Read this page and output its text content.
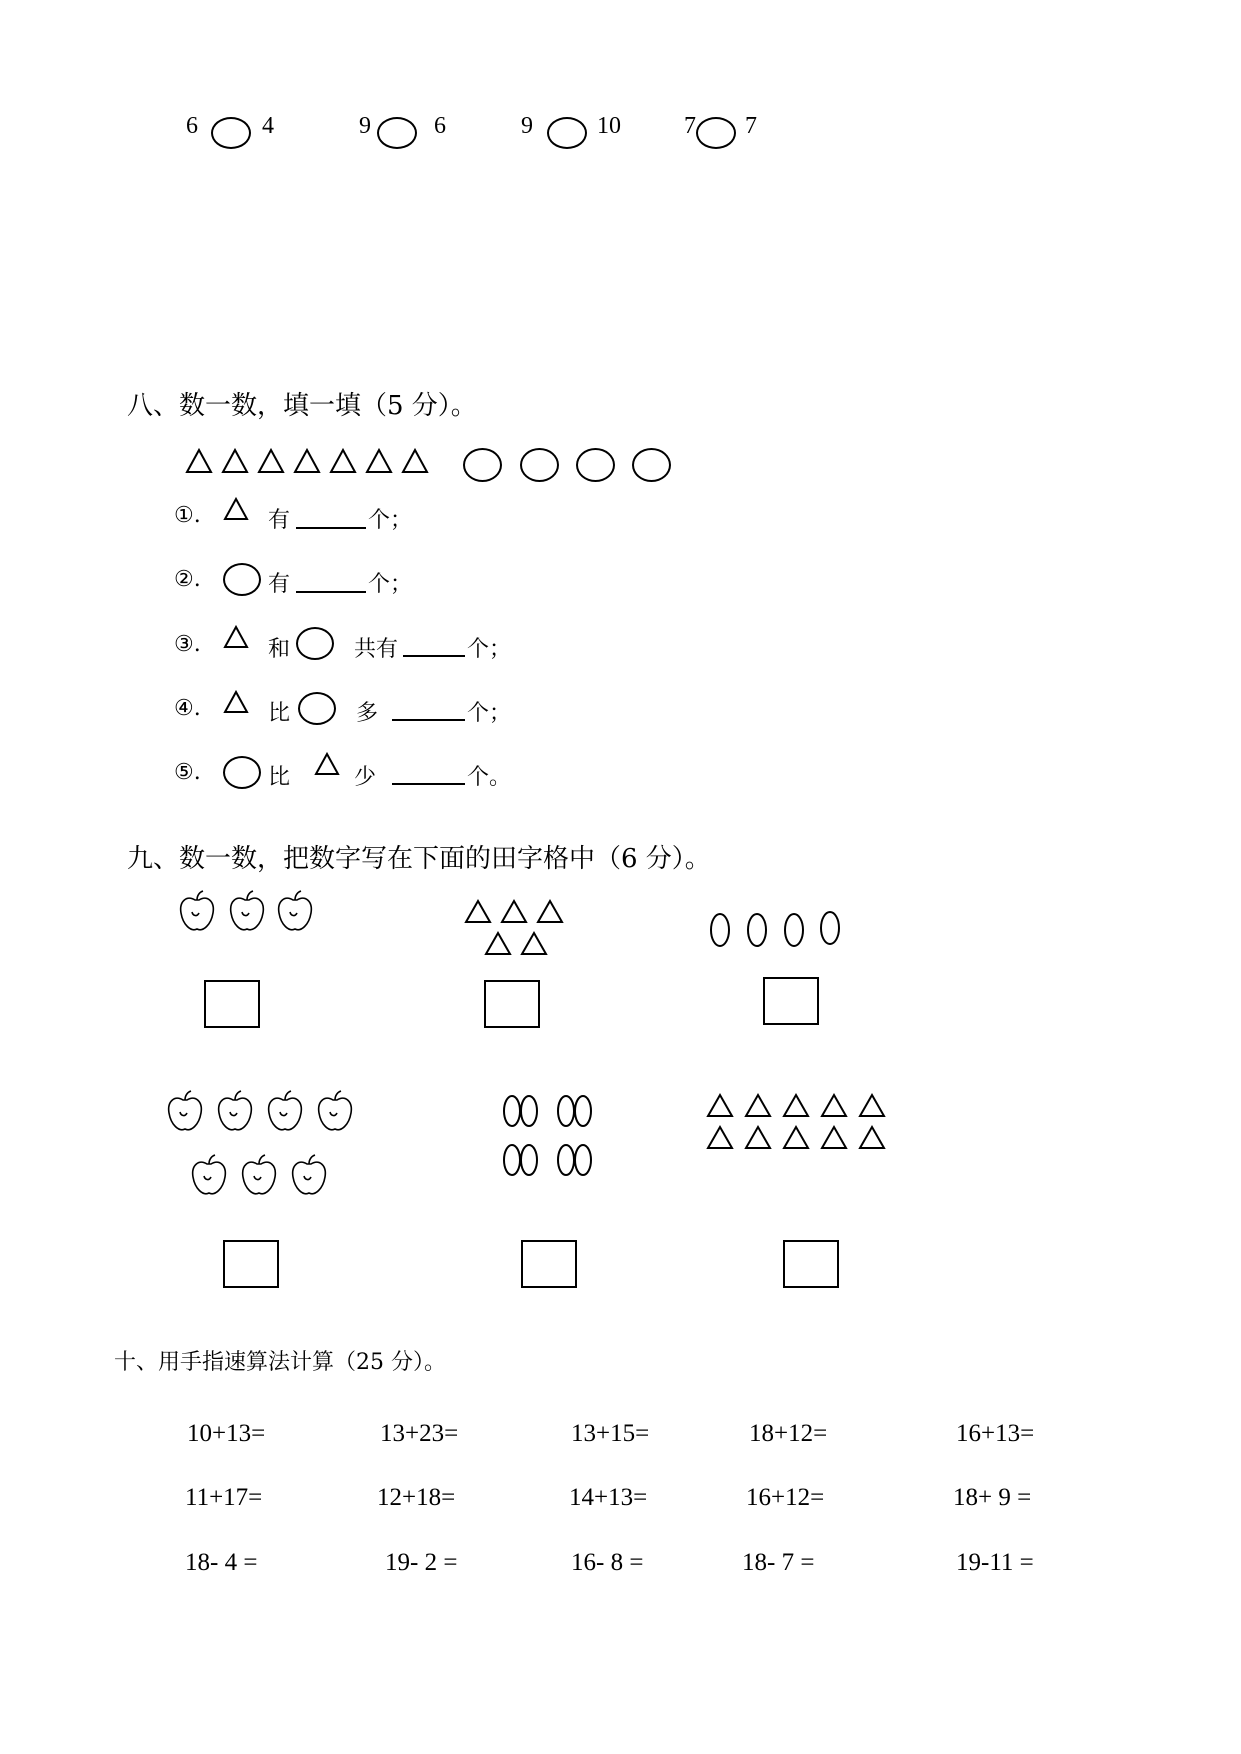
6	4	9	6	9	10	7 7
八、数一数，填一填（5 分）。
①.	有	个；
②.	有	个；
③.	和	共有	个；
④.	比	多	个；
⑤.	比	少	个。
九、数一数，把数字写在下面的田字格中（6 分）。
十、用手指速算法计算（25 分）。
10+13=	13+23=	13+15=	18+12=	16+13=
11+17=	12+18=	14+13=	16+12=	18+ 9 =
18- 4 =	19- 2 =	16- 8 =	18- 7 =	19-11 =
